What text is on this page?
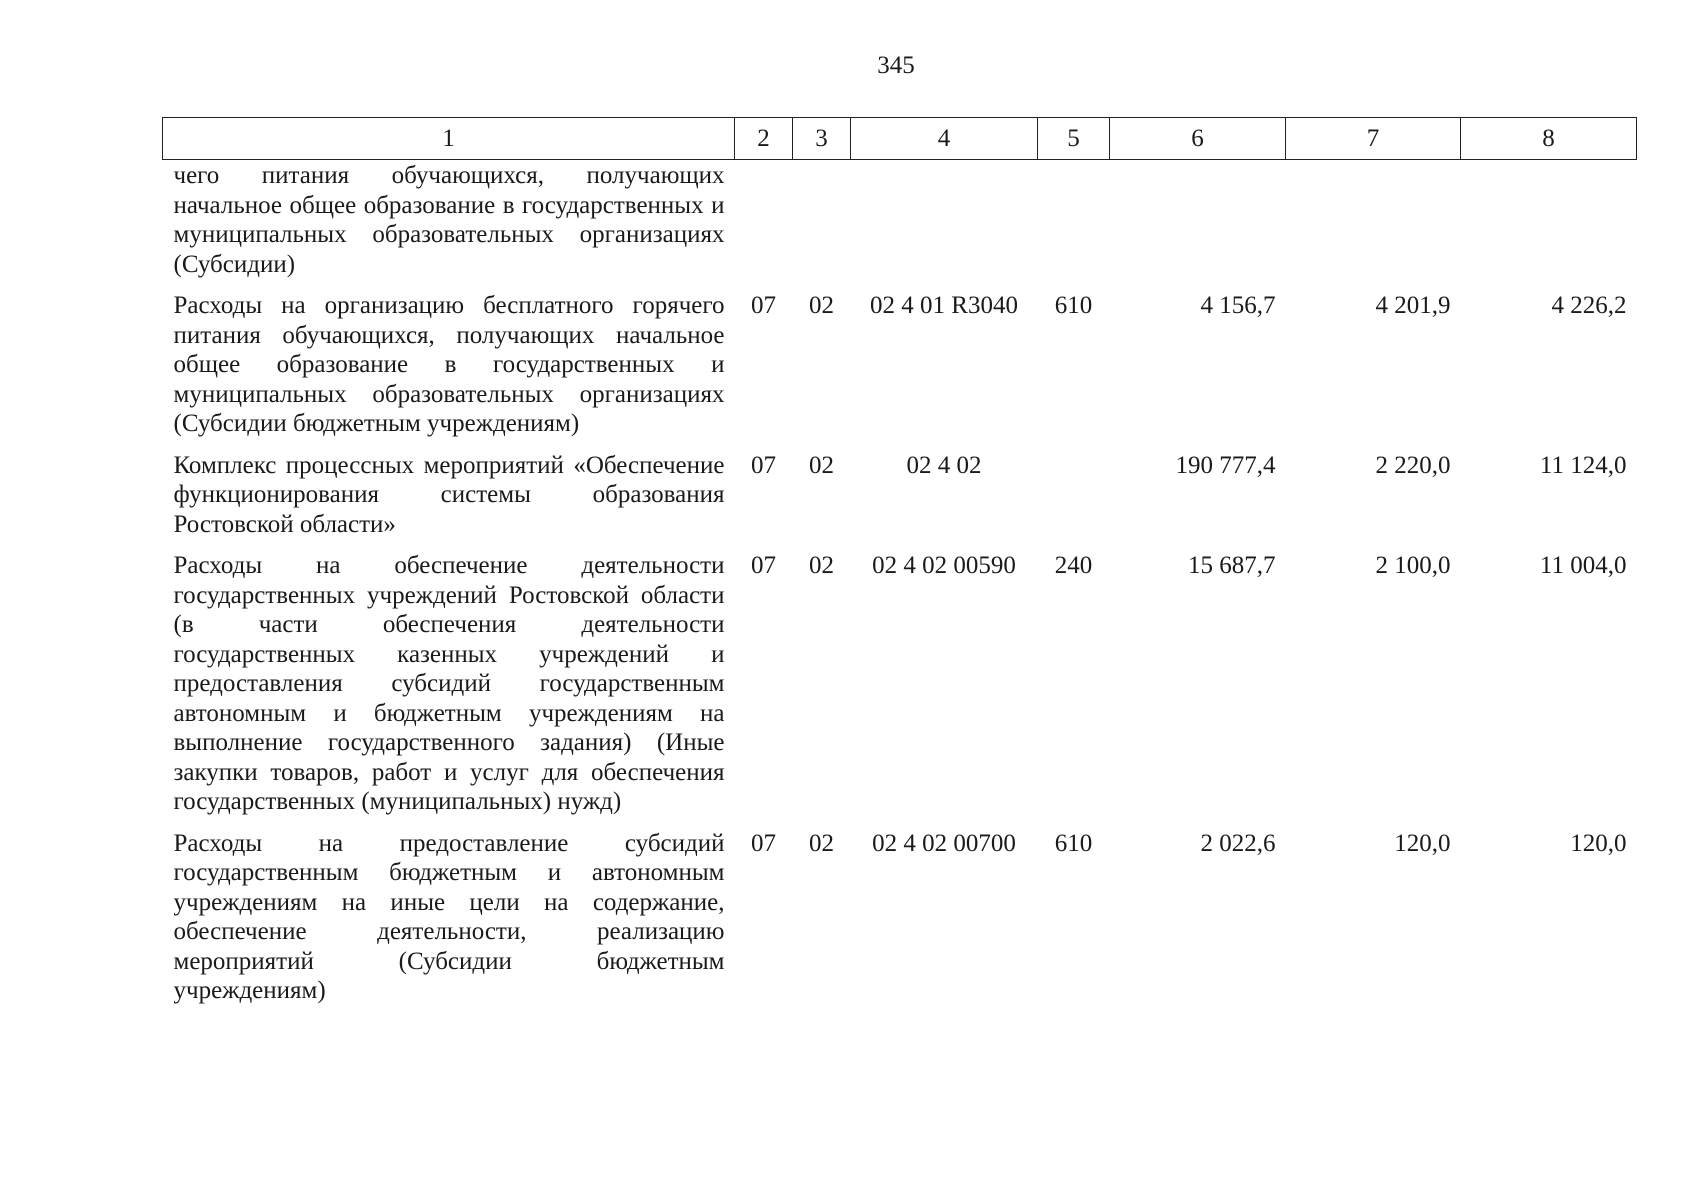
345
1	2	3	4	5	6	7	8
чего питания обучающихся, получающих начальное общее образование в государственных и муниципальных образовательных организациях (Субсидии)							
Расходы на организацию бесплатного горячего питания обучающихся, получающих начальное общее образование в государственных и муниципальных образовательных организациях (Субсидии бюджетным учреждениям)	07	02	02 4 01 R3040	610	4 156,7	4 201,9	4 226,2
Комплекс процессных мероприятий «Обеспечение функционирования системы образования Ростовской области»	07	02	02 4 02		190 777,4	2 220,0	11 124,0
Расходы на обеспечение деятельности государственных учреждений Ростовской области (в части обеспечения деятельности государственных казенных учреждений и предоставления субсидий государственным автономным и бюджетным учреждениям на выполнение государственного задания) (Иные закупки товаров, работ и услуг для обеспечения государственных (муниципальных) нужд)	07	02	02 4 02 00590	240	15 687,7	2 100,0	11 004,0
Расходы на предоставление субсидий государственным бюджетным и автономным учреждениям на иные цели на содержание, обеспечение деятельности, реализацию мероприятий (Субсидии бюджетным учреждениям)	07	02	02 4 02 00700	610	2 022,6	120,0	120,0
